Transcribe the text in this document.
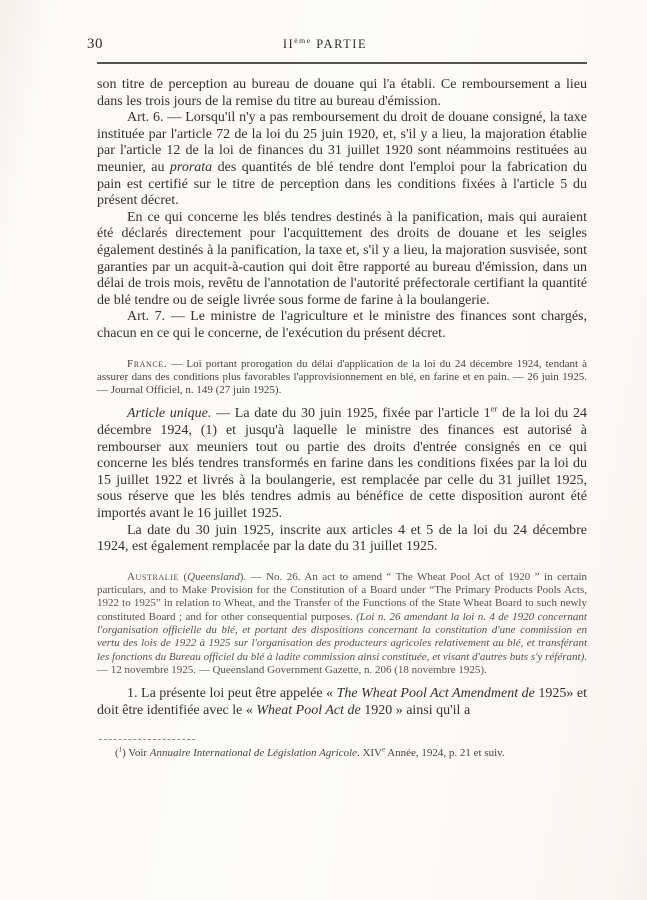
30	IIème PARTIE

son titre de perception au bureau de douane qui l'a établi. Ce remboursement a lieu dans les trois jours de la remise du titre au bureau d'émission.

Art. 6. — Lorsqu'il n'y a pas remboursement du droit de douane consigné, la taxe instituée par l'article 72 de la loi du 25 juin 1920, et, s'il y a lieu, la majoration établie par l'article 12 de la loi de finances du 31 juillet 1920 sont néammoins restituées au meunier, au prorata des quantités de blé tendre dont l'emploi pour la fabrication du pain est certifié sur le titre de perception dans les conditions fixées à l'article 5 du présent décret.

En ce qui concerne les blés tendres destinés à la panification, mais qui auraient été déclarés directement pour l'acquittement des droits de douane et les seigles également destinés à la panification, la taxe et, s'il y a lieu, la majoration susvisée, sont garanties par un acquit-à-caution qui doit être rapporté au bureau d'émission, dans un délai de trois mois, revêtu de l'annotation de l'autorité préfectorale certifiant la quantité de blé tendre ou de seigle livrée sous forme de farine à la boulangerie.

Art. 7. — Le ministre de l'agriculture et le ministre des finances sont chargés, chacun en ce qui le concerne, de l'exécution du présent décret.

France. — Loi portant prorogation du délai d'application de la loi du 24 décembre 1924, tendant à assurer dans des conditions plus favorables l'approvisionnement en blé, en farine et en pain. — 26 juin 1925. — Journal Officiel, n. 149 (27 juin 1925).

Article unique. — La date du 30 juin 1925, fixée par l'article 1er de la loi du 24 décembre 1924, (1) et jusqu'à laquelle le ministre des finances est autorisé à rembourser aux meuniers tout ou partie des droits d'entrée consignés en ce qui concerne les blés tendres transformés en farine dans les conditions fixées par la loi du 15 juillet 1922 et livrés à la boulangerie, est remplacée par celle du 31 juillet 1925, sous réserve que les blés tendres admis au bénéfice de cette disposition auront été importés avant le 16 juillet 1925.

La date du 30 juin 1925, inscrite aux articles 4 et 5 de la loi du 24 décembre 1924, est également remplacée par la date du 31 juillet 1925.

Australie (Queensland). — No. 26. An act to amend “ The Wheat Pool Act of 1920 ” in certain particulars, and to Make Provision for the Constitution of a Board under “The Primary Products Pools Acts, 1922 to 1925” in relation to Wheat, and the Transfer of the Functions of the State Wheat Board to such newly constituted Board ; and for other consequential purposes. (Loi n. 26 amendant la loi n. 4 de 1920 concernant l'organisation officielle du blé, et portant des dispositions concernant la constitution d'une commission en vertu des lois de 1922 à 1925 sur l'organisation des producteurs agricoles relativement au blé, et transférant les fonctions du Bureau officiel du blé à ladite commission ainsi constituée, et visant d'autres buts s'y référant). — 12 novembre 1925. — Queensland Government Gazette, n. 206 (18 novembre 1925).

1. La présente loi peut être appelée « The Wheat Pool Act Amendment de 1925» et doit être identifiée avec le « Wheat Pool Act de 1920 » ainsi qu'il a

($^1$) Voir Annuaire International de Législation Agricole. XIVe Année, 1924, p. 21 et suiv.
